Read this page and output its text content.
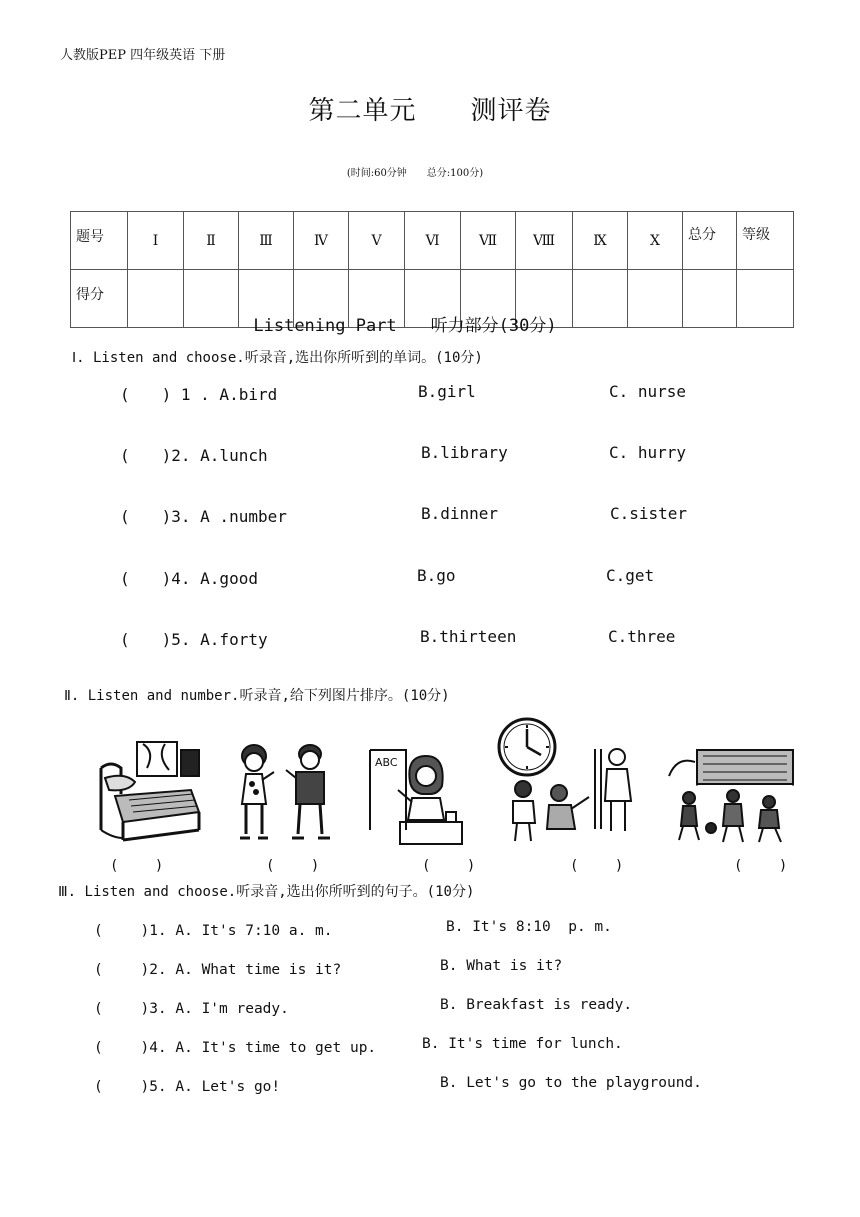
人教版PEP 四年级英语 下册
第二单元　　测评卷
(时间:60分钟　　总分:100分)
题号	Ⅰ	Ⅱ	Ⅲ	Ⅳ	Ⅴ	Ⅵ	Ⅶ	Ⅷ	Ⅸ	Ⅹ	总分	等级
得分												
Listening Part　　听力部分(30分)
Ⅰ. Listen and choose.听录音,选出你所听到的单词。(10分)
(　　) 1 . A.bird	B.girl	C. nurse
(　　)2. A.lunch	B.library	C. hurry
(　　)3. A .number	B.dinner	C.sister
(　　)4. A.good	B.go	C.get
(　　)5. A.forty	B.thirteen	C.three
Ⅱ. Listen and number.听录音,给下列图片排序。(10分)
ABC
(　　 )	(　　 )	(　　 )	(　　 )	(　　 )
Ⅲ. Listen and choose.听录音,选出你所听到的句子。(10分)
(　　 )1. A. It's 7:10 a. m.	B. It's 8:10  p. m.
(　　 )2. A. What time is it?	B. What is it?
(　　 )3. A. I'm ready.	B. Breakfast is ready.
(　　 )4. A. It's time to get up.	B. It's time for lunch.
(　　 )5. A. Let's go!	B. Let's go to the playground.
